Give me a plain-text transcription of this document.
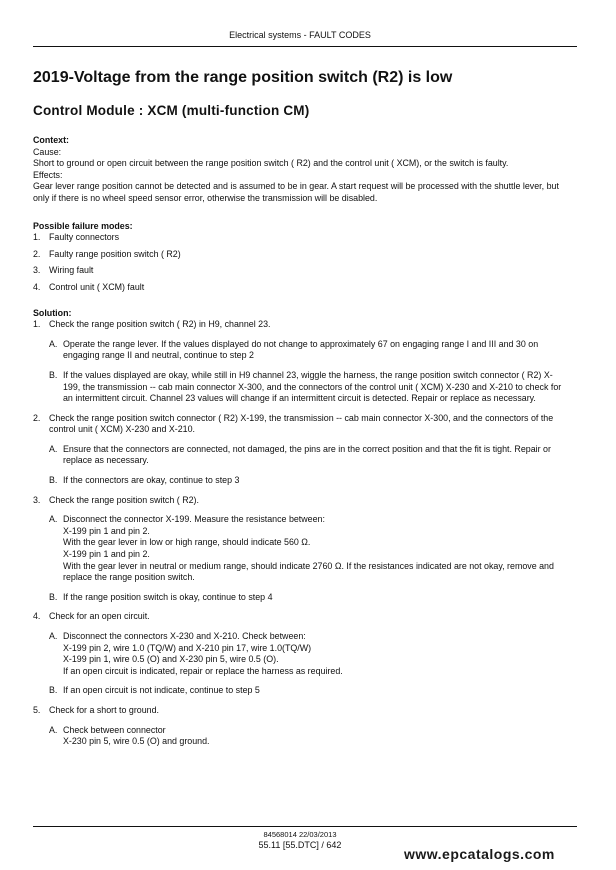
Electrical systems - FAULT CODES
2019-Voltage from the range position switch (R2) is low
Control Module : XCM (multi-function CM)

Context:

Cause:

Short to ground or open circuit between the range position switch ( R2) and the control unit ( XCM), or the switch is faulty.

Effects:

Gear lever range position cannot be detected and is assumed to be in gear. A start request will be processed with the shuttle lever, but only if there is no wheel speed sensor error, otherwise the transmission will be disabled.

Possible failure modes:

1. Faulty connectors
2. Faulty range position switch ( R2)
3. Wiring fault
4. Control unit ( XCM) fault

Solution:

1. Check the range position switch ( R2) in H9, channel 23.
A. Operate the range lever. If the values displayed do not change to approximately 67 on engaging range I and III and 30 on engaging range II and neutral, continue to step 2
B. If the values displayed are okay, while still in H9 channel 23, wiggle the harness, the range position switch connector ( R2) X-199, the transmission -- cab main connector X-300, and the connectors of the control unit ( XCM) X-230 and X-210 to check for an intermittent circuit. Channel 23 values will change if an intermittent circuit is detected. Repair or replace as necessary.
2. Check the range position switch connector ( R2) X-199, the transmission -- cab main connector X-300, and the connectors of the control unit ( XCM) X-230 and X-210.
A. Ensure that the connectors are connected, not damaged, the pins are in the correct position and that the fit is tight. Repair or replace as necessary.
B. If the connectors are okay, continue to step 3
3. Check the range position switch ( R2).
A. Disconnect the connector X-199. Measure the resistance between:

X-199 pin 1 and pin 2.

With the gear lever in low or high range, should indicate 560 Ω.

X-199 pin 1 and pin 2.

With the gear lever in neutral or medium range, should indicate 2760 Ω. If the resistances indicated are not okay, remove and replace the range position switch.

B. If the range position switch is okay, continue to step 4
4. Check for an open circuit.
A. Disconnect the connectors X-230 and X-210. Check between:

X-199 pin 2, wire 1.0 (TQ/W) and X-210 pin 17, wire 1.0(TQ/W)

X-199 pin 1, wire 0.5 (O) and X-230 pin 5, wire 0.5 (O).

If an open circuit is indicated, repair or replace the harness as required.

B. If an open circuit is not indicate, continue to step 5
5. Check for a short to ground.
A. Check between connector

X-230 pin 5, wire 0.5 (O) and ground.

84568014 22/03/2013
55.11 [55.DTC] / 642
www.epcatalogs.com
